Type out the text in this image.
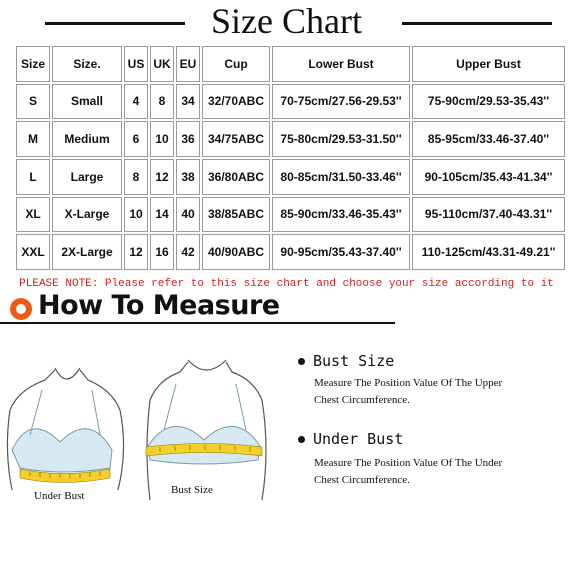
Size Chart
Size	Size.	US	UK	EU	Cup	Lower Bust	Upper Bust
S	Small	4	8	34	32/70ABC	70-75cm/27.56-29.53''	75-90cm/29.53-35.43''
M	Medium	6	10	36	34/75ABC	75-80cm/29.53-31.50''	85-95cm/33.46-37.40''
L	Large	8	12	38	36/80ABC	80-85cm/31.50-33.46''	90-105cm/35.43-41.34''
XL	X-Large	10	14	40	38/85ABC	85-90cm/33.46-35.43''	95-110cm/37.40-43.31''
XXL	2X-Large	12	16	42	40/90ABC	90-95cm/35.43-37.40''	110-125cm/43.31-49.21''
PLEASE NOTE: Please refer to this size chart and choose your size according to it
How To Measure
Under Bust	Bust Size
Bust Size
Measure The Position Value Of The Upper
Chest Circumference.
Under Bust
Measure The Position Value Of The Under
Chest Circumference.
